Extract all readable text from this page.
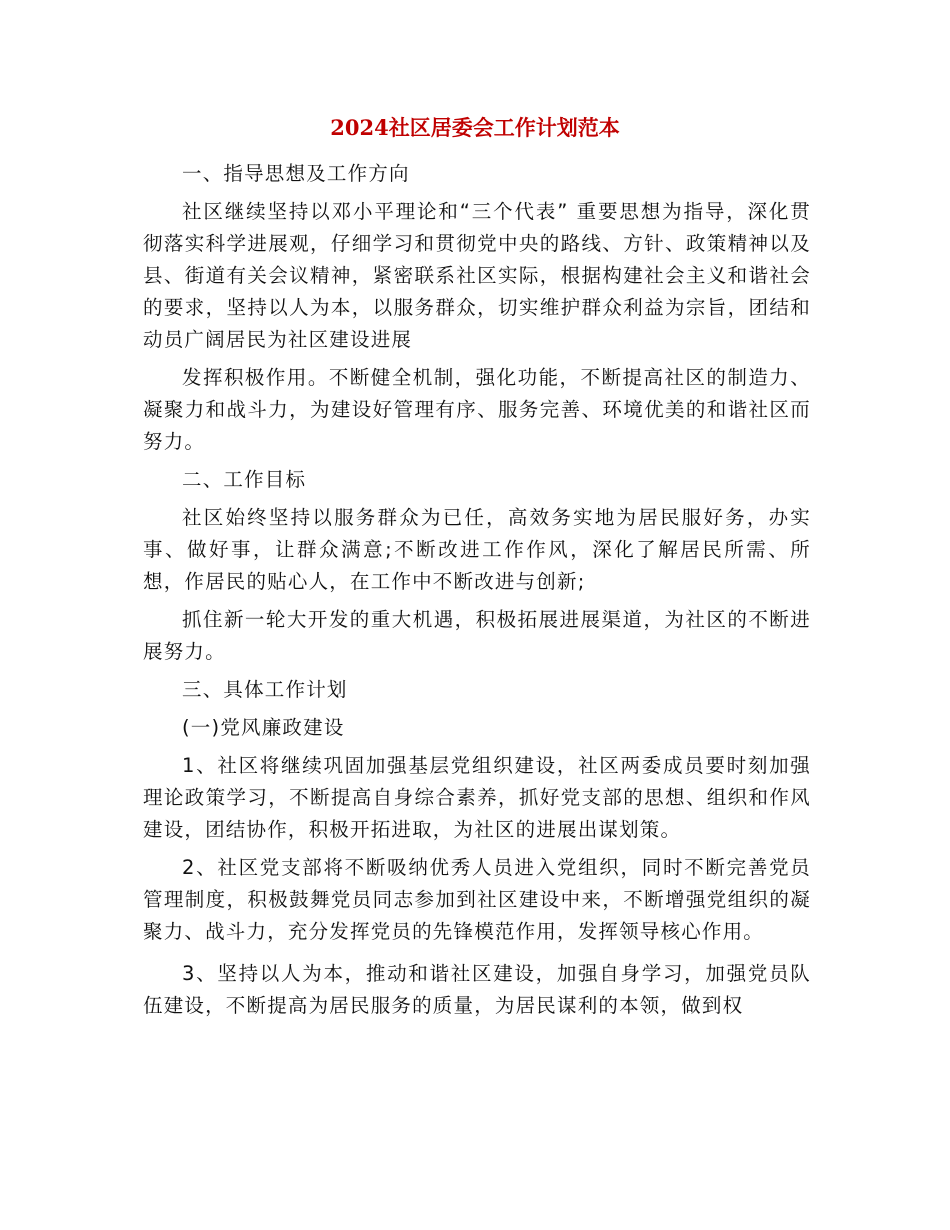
2024社区居委会工作计划范本

一、指导思想及工作方向

社区继续坚持以邓小平理论和“三个代表” 重要思想为指导，深化贯彻落实科学进展观，仔细学习和贯彻党中央的路线、方针、政策精神以及县、街道有关会议精神，紧密联系社区实际，根据构建社会主义和谐社会的要求，坚持以人为本，以服务群众，切实维护群众利益为宗旨，团结和动员广阔居民为社区建设进展

发挥积极作用。不断健全机制，强化功能，不断提高社区的制造力、凝聚力和战斗力，为建设好管理有序、服务完善、环境优美的和谐社区而努力。

二、工作目标

社区始终坚持以服务群众为已任，高效务实地为居民服好务，办实事、做好事，让群众满意;不断改进工作作风，深化了解居民所需、所想，作居民的贴心人，在工作中不断改进与创新;

抓住新一轮大开发的重大机遇，积极拓展进展渠道，为社区的不断进展努力。

三、具体工作计划

(一)党风廉政建设

1、社区将继续巩固加强基层党组织建设，社区两委成员要时刻加强理论政策学习，不断提高自身综合素养，抓好党支部的思想、组织和作风建设，团结协作，积极开拓进取，为社区的进展出谋划策。

2、社区党支部将不断吸纳优秀人员进入党组织，同时不断完善党员管理制度，积极鼓舞党员同志参加到社区建设中来，不断增强党组织的凝聚力、战斗力，充分发挥党员的先锋模范作用，发挥领导核心作用。

3、坚持以人为本，推动和谐社区建设，加强自身学习，加强党员队伍建设，不断提高为居民服务的质量，为居民谋利的本领，做到权
